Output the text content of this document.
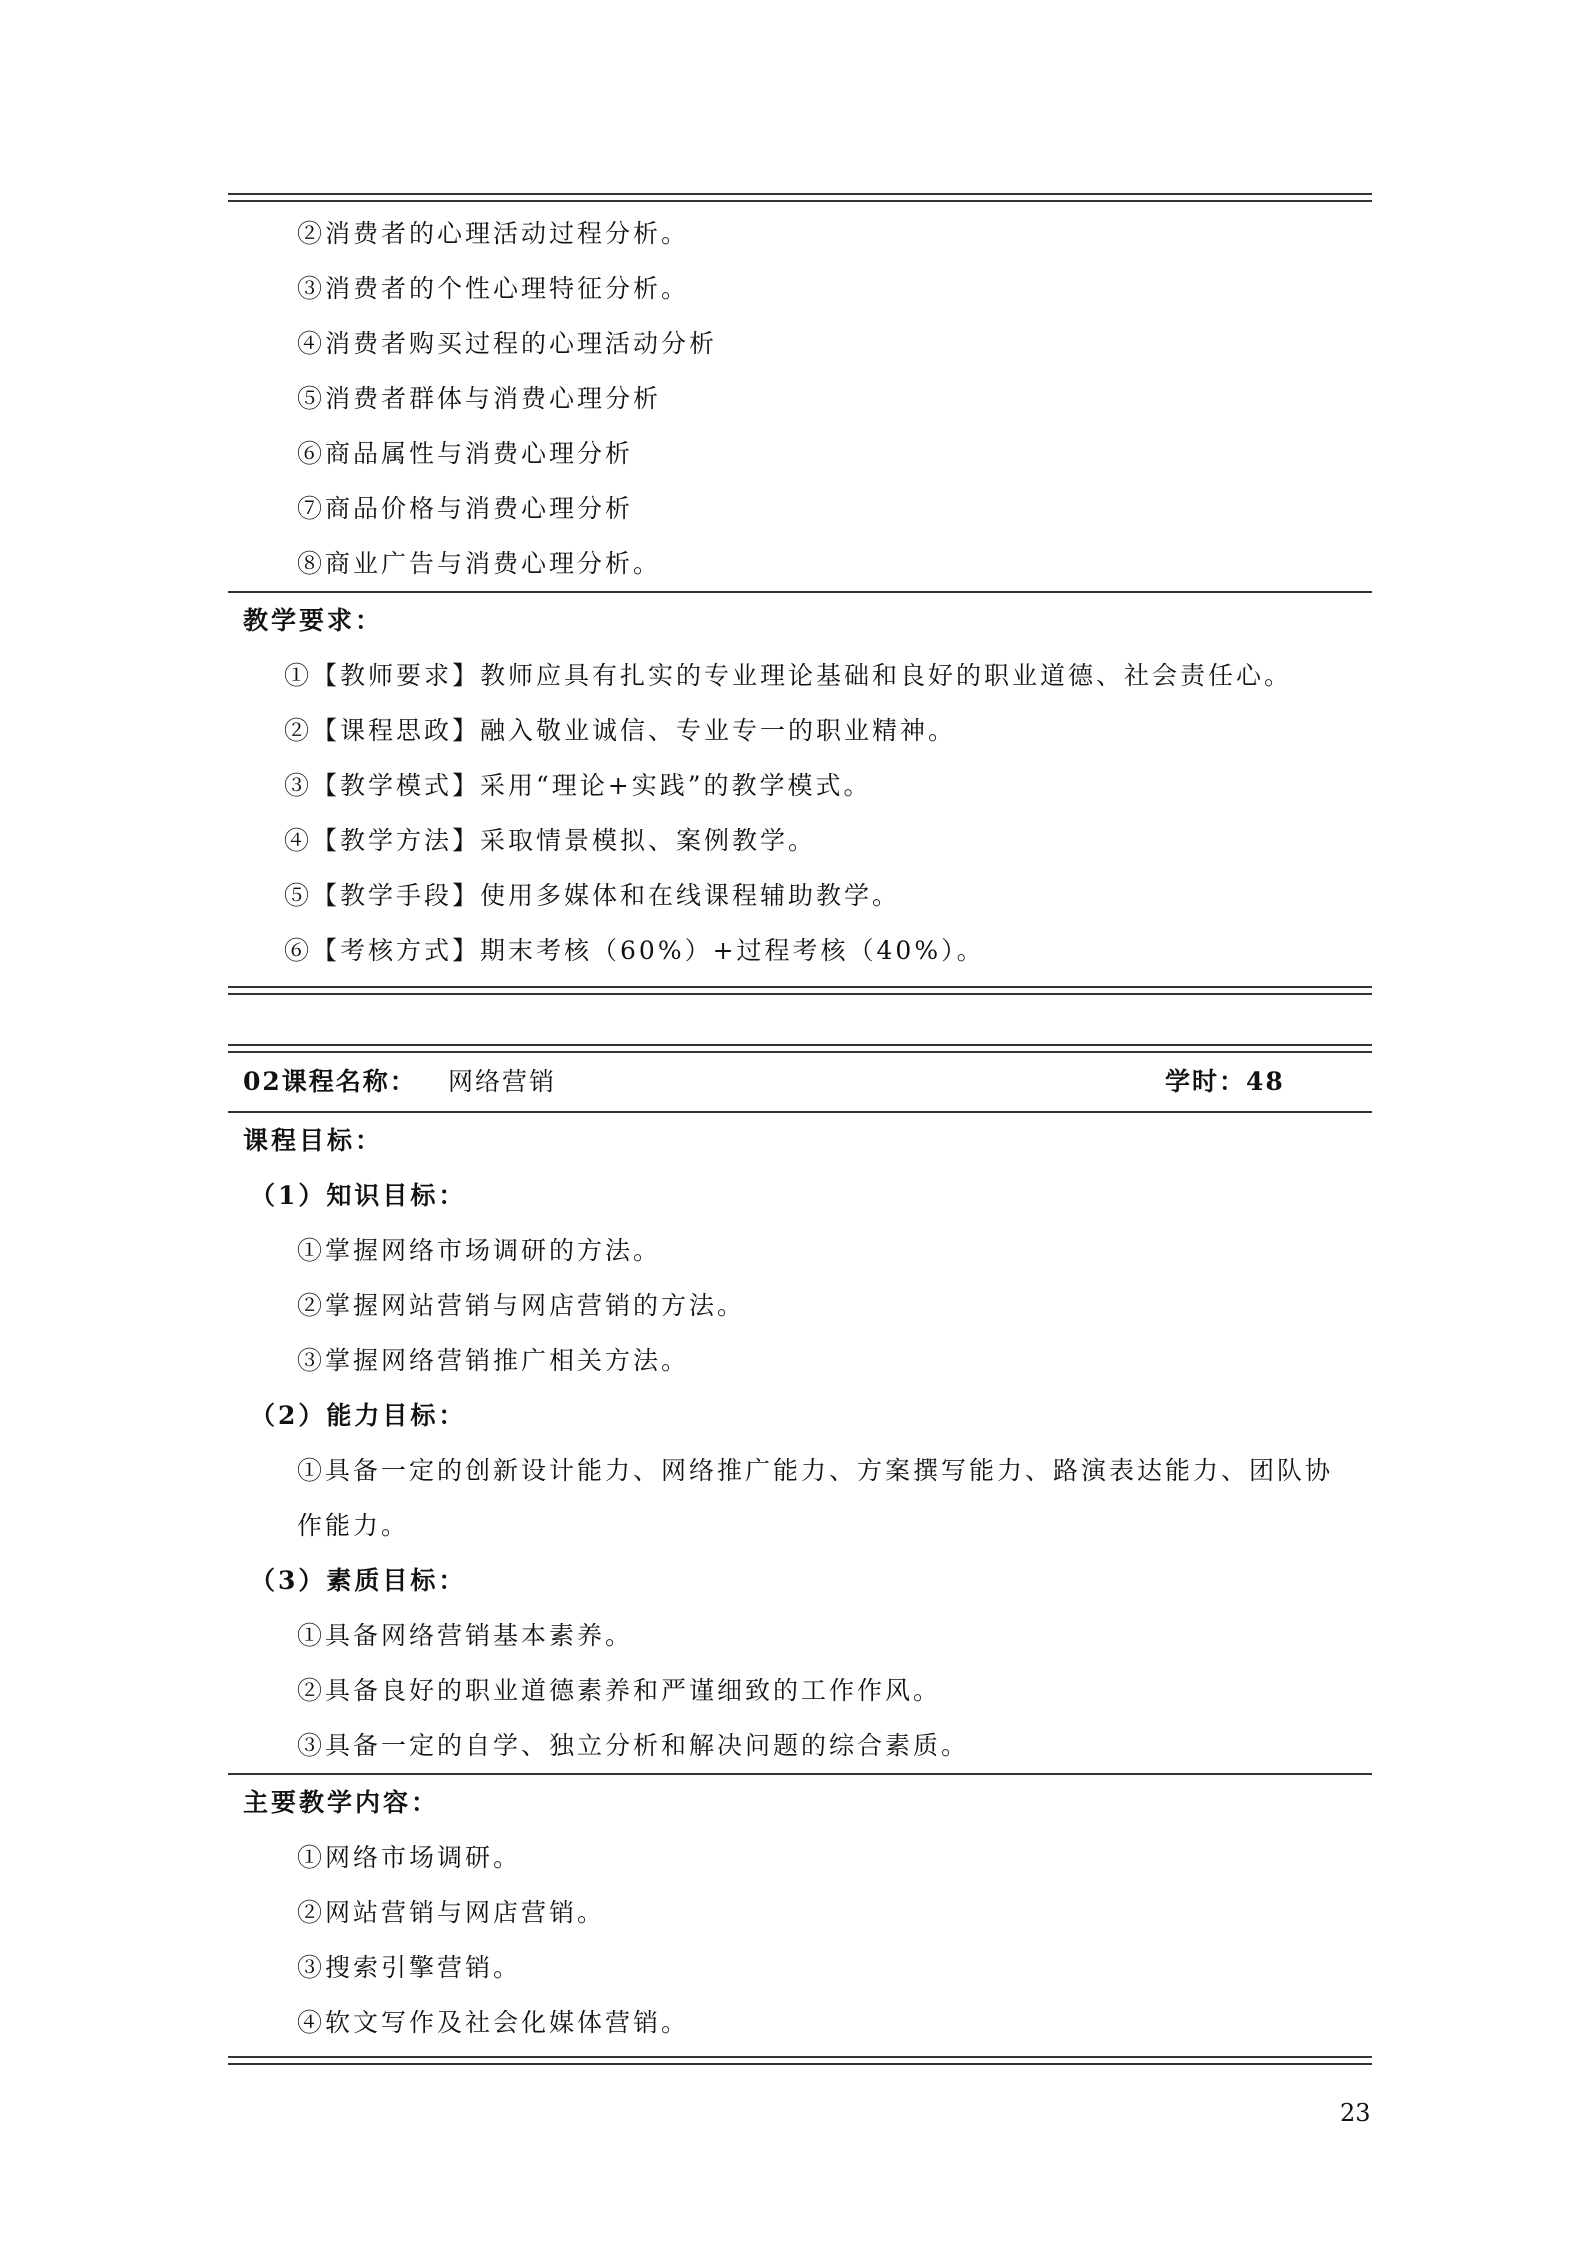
②消费者的心理活动过程分析。
③消费者的个性心理特征分析。
④消费者购买过程的心理活动分析
⑤消费者群体与消费心理分析
⑥商品属性与消费心理分析
⑦商品价格与消费心理分析
⑧商业广告与消费心理分析。
教学要求：
①【教师要求】教师应具有扎实的专业理论基础和良好的职业道德、社会责任心。
②【课程思政】融入敬业诚信、专业专一的职业精神。
③【教学模式】采用“理论+实践”的教学模式。
④【教学方法】采取情景模拟、案例教学。
⑤【教学手段】使用多媒体和在线课程辅助教学。
⑥【考核方式】期末考核（60%）+过程考核（40%）。
02课程名称： 网络营销	学时：48
课程目标：
（1）知识目标：
①掌握网络市场调研的方法。
②掌握网站营销与网店营销的方法。
③掌握网络营销推广相关方法。
（2）能力目标：
①具备一定的创新设计能力、网络推广能力、方案撰写能力、路演表达能力、团队协作能力。
（3）素质目标：
①具备网络营销基本素养。
②具备良好的职业道德素养和严谨细致的工作作风。
③具备一定的自学、独立分析和解决问题的综合素质。
主要教学内容：
①网络市场调研。
②网站营销与网店营销。
③搜索引擎营销。
④软文写作及社会化媒体营销。
23
